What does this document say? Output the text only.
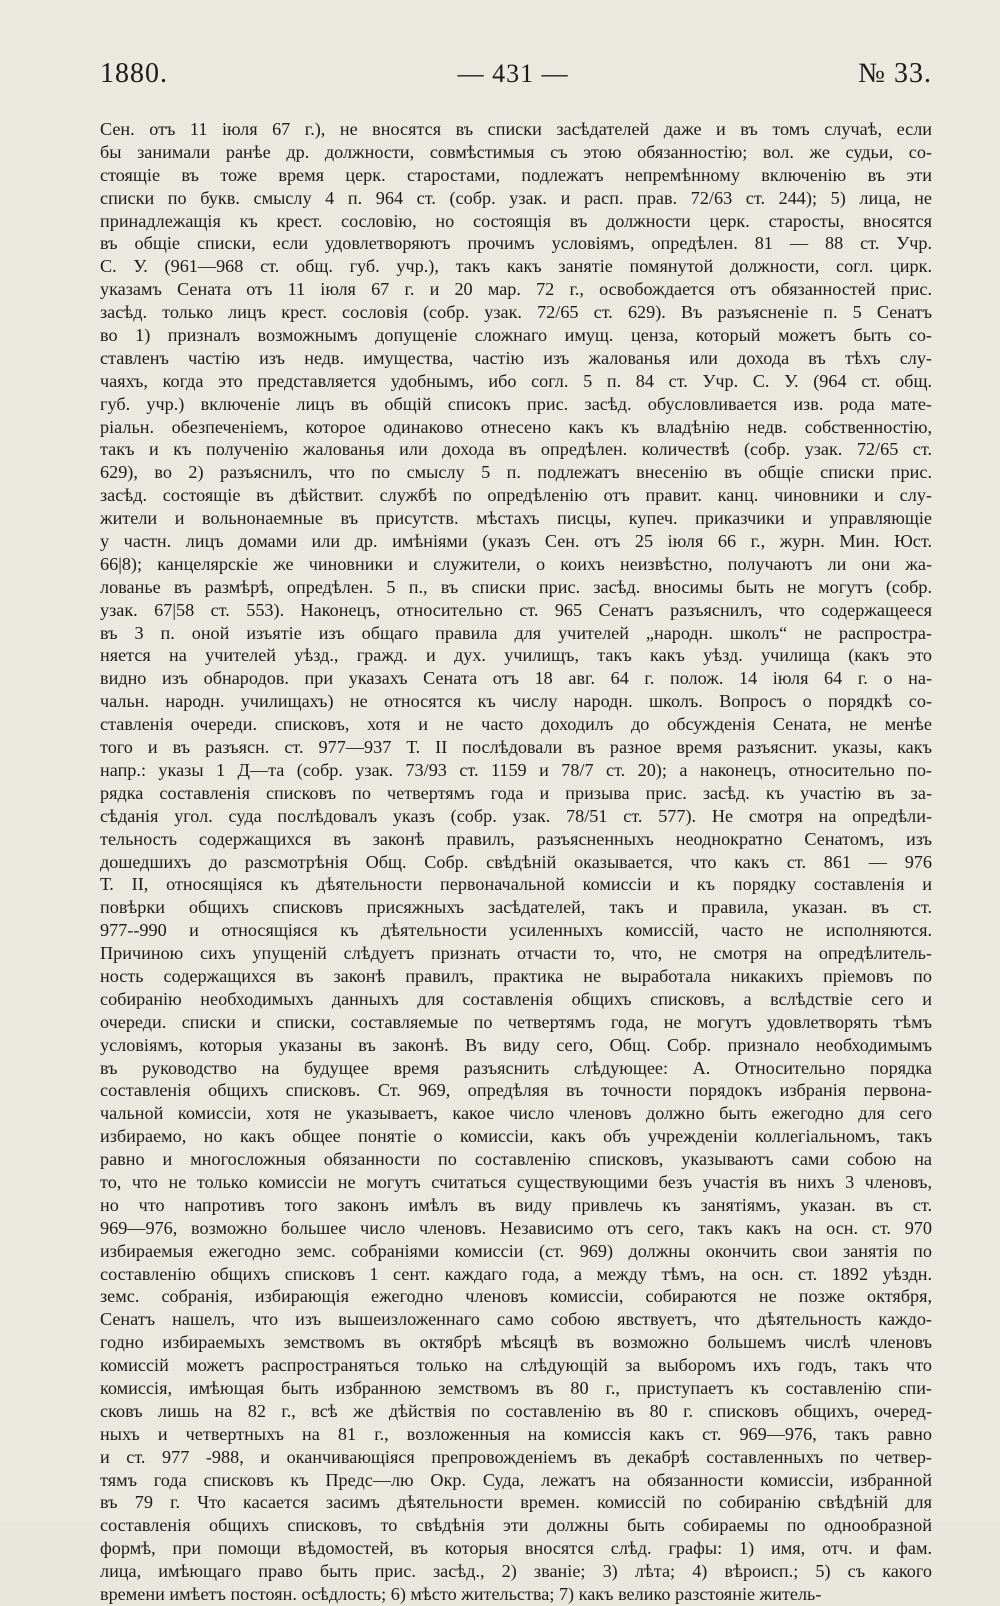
1880.	— 431 —	№ 33.
Сен. отъ 11 іюля 67 г.), не вносятся въ списки засѣдателей даже и въ томъ случаѣ, если
бы занимали ранѣе др. должности, совмѣстимыя съ этою обязанностію; вол. же судьи, со-
стоящіе въ тоже время церк. старостами, подлежатъ непремѣнному включенію въ эти
списки по букв. смыслу 4 п. 964 ст. (собр. узак. и расп. прав. 72/63 ст. 244); 5) лица, не
принадлежащія къ крест. сословію, но состоящія въ должности церк. старосты, вносятся
въ общіе списки, если удовлетворяютъ прочимъ условіямъ, опредѣлен. 81 — 88 ст. Учр.
С. У. (961—968 ст. общ. губ. учр.), такъ какъ занятіе помянутой должности, согл. цирк.
указамъ Сената отъ 11 іюля 67 г. и 20 мар. 72 г., освобождается отъ обязанностей прис.
засѣд. только лицъ крест. сословія (собр. узак. 72/65 ст. 629). Въ разъясненіе п. 5 Сенатъ
во 1) призналъ возможнымъ допущеніе сложнаго имущ. ценза, который можетъ быть со-
ставленъ частію изъ недв. имущества, частію изъ жалованья или дохода въ тѣхъ слу-
чаяхъ, когда это представляется удобнымъ, ибо согл. 5 п. 84 ст. Учр. С. У. (964 ст. общ.
губ. учр.) включеніе лицъ въ общій списокъ прис. засѣд. обусловливается изв. рода мате-
ріальн. обезпеченіемъ, которое одинаково отнесено какъ къ владѣнію недв. собственностію,
такъ и къ полученію жалованья или дохода въ опредѣлен. количествѣ (собр. узак. 72/65 ст.
629), во 2) разъяснилъ, что по смыслу 5 п. подлежатъ внесенію въ общіе списки прис.
засѣд. состоящіе въ дѣйствит. службѣ по опредѣленію отъ правит. канц. чиновники и слу-
жители и вольнонаемные въ присутств. мѣстахъ писцы, купеч. приказчики и управляющіе
у частн. лицъ домами или др. имѣніями (указъ Сен. отъ 25 іюля 66 г., журн. Мин. Юст.
66|8); канцелярскіе же чиновники и служители, о коихъ неизвѣстно, получаютъ ли они жа-
лованье въ размѣрѣ, опредѣлен. 5 п., въ списки прис. засѣд. вносимы быть не могутъ (собр.
узак. 67|58 ст. 553). Наконецъ, относительно ст. 965 Сенатъ разъяснилъ, что содержащееся
въ 3 п. оной изъятіе изъ общаго правила для учителей „народн. школъ“ не распростра-
няется на учителей уѣзд., гражд. и дух. училищъ, такъ какъ уѣзд. училища (какъ это
видно изъ обнародов. при указахъ Сената отъ 18 авг. 64 г. полож. 14 іюля 64 г. о на-
чальн. народн. училищахъ) не относятся къ числу народн. школъ. Вопросъ о порядкѣ со-
ставленія очереди. списковъ, хотя и не часто доходилъ до обсужденія Сената, не менѣе
того и въ разъясн. ст. 977—937 Т. II послѣдовали въ разное время разъяснит. указы, какъ
напр.: указы 1 Д—та (собр. узак. 73/93 ст. 1159 и 78/7 ст. 20); а наконецъ, относительно по-
рядка составленія списковъ по четвертямъ года и призыва прис. засѣд. къ участію въ за-
сѣданія угол. суда послѣдовалъ указъ (собр. узак. 78/51 ст. 577). Не смотря на опредѣли-
тельность содержащихся въ законѣ правилъ, разъясненныхъ неоднократно Сенатомъ, изъ
дошедшихъ до разсмотрѣнія Общ. Собр. свѣдѣній оказывается, что какъ ст. 861 — 976
Т. II, относящіяся къ дѣятельности первоначальной комиссіи и къ порядку составленія и
повѣрки общихъ списковъ присяжныхъ засѣдателей, такъ и правила, указан. въ ст.
977--990 и относящіяся къ дѣятельности усиленныхъ комиссій, часто не исполняются.
Причиною сихъ упущеній слѣдуетъ признать отчасти то, что, не смотря на опредѣлитель-
ность содержащихся въ законѣ правилъ, практика не выработала никакихъ пріемовъ по
собиранію необходимыхъ данныхъ для составленія общихъ списковъ, а вслѣдствіе сего и
очереди. списки и списки, составляемые по четвертямъ года, не могутъ удовлетворять тѣмъ
условіямъ, которыя указаны въ законѣ. Въ виду сего, Общ. Собр. признало необходимымъ
въ руководство на будущее время разъяснить слѣдующее: А. Относительно порядка
составленія общихъ списковъ. Ст. 969, опредѣляя въ точности порядокъ избранія первона-
чальной комиссіи, хотя не указываетъ, какое число членовъ должно быть ежегодно для сего
избираемо, но какъ общее понятіе о комиссіи, какъ объ учрежденіи коллегіальномъ, такъ
равно и многосложныя обязанности по составленію списковъ, указываютъ сами собою на
то, что не только комиссіи не могутъ считаться существующими безъ участія въ нихъ 3 членовъ,
но что напротивъ того законъ имѣлъ въ виду привлечь къ занятіямъ, указан. въ ст.
969—976, возможно большее число членовъ. Независимо отъ сего, такъ какъ на осн. ст. 970
избираемыя ежегодно земс. собраніями комиссіи (ст. 969) должны окончить свои занятія по
составленію общихъ списковъ 1 сент. каждаго года, а между тѣмъ, на осн. ст. 1892 уѣздн.
земс. собранія, избирающія ежегодно членовъ комиссіи, собираются не позже октября,
Сенатъ нашелъ, что изъ вышеизложеннаго само собою явствуетъ, что дѣятельность каждо-
годно избираемыхъ земствомъ въ октябрѣ мѣсяцѣ въ возможно большемъ числѣ членовъ
комиссій можетъ распространяться только на слѣдующій за выборомъ ихъ годъ, такъ что
комиссія, имѣющая быть избранною земствомъ въ 80 г., приступаетъ къ составленію спи-
сковъ лишь на 82 г., всѣ же дѣйствія по составленію въ 80 г. списковъ общихъ, очеред-
ныхъ и четвертныхъ на 81 г., возложенныя на комиссія какъ ст. 969—976, такъ равно
и ст. 977 -988, и оканчивающіяся препровожденіемъ въ декабрѣ составленныхъ по четвер-
тямъ года списковъ къ Предс—лю Окр. Суда, лежатъ на обязанности комиссіи, избранной
въ 79 г. Что касается засимъ дѣятельности времен. комиссій по собиранію свѣдѣній для
составленія общихъ списковъ, то свѣдѣнія эти должны быть собираемы по однообразной
формѣ, при помощи вѣдомостей, въ которыя вносятся слѣд. графы: 1) имя, отч. и фам.
лица, имѣющаго право быть прис. засѣд., 2) званіе; 3) лѣта; 4) вѣроисп.; 5) съ какого
времени имѣетъ постоян. осѣдлость; 6) мѣсто жительства; 7) какъ велико разстояніе житель-
